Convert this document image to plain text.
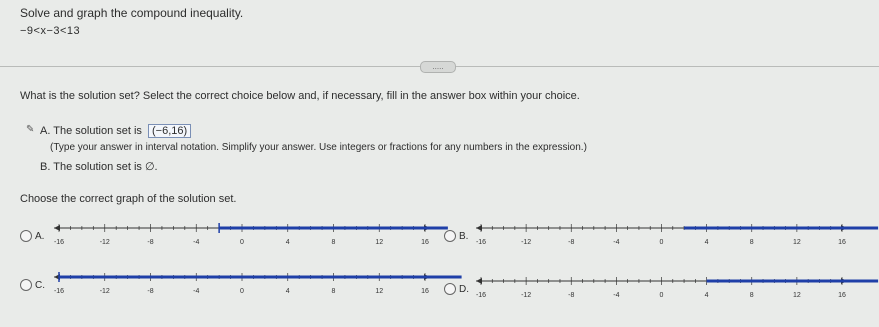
Solve and graph the compound inequality.
−9<x−3<13
.....
What is the solution set? Select the correct choice below and, if necessary, fill in the answer box within your choice.
✎ A. The solution set is (−6,16)
(Type your answer in interval notation. Simplify your answer. Use integers or fractions for any numbers in the expression.)
B. The solution set is ∅.
Choose the correct graph of the solution set.
A.
-16	-12	-8	-4	0	4	8	12	16
B.
-16	-12	-8	-4	0	4	8	12	16
C.
-16	-12	-8	-4	0	4	8	12	16	D.
-16	-12	-8	-4	0	4	8	12	16
